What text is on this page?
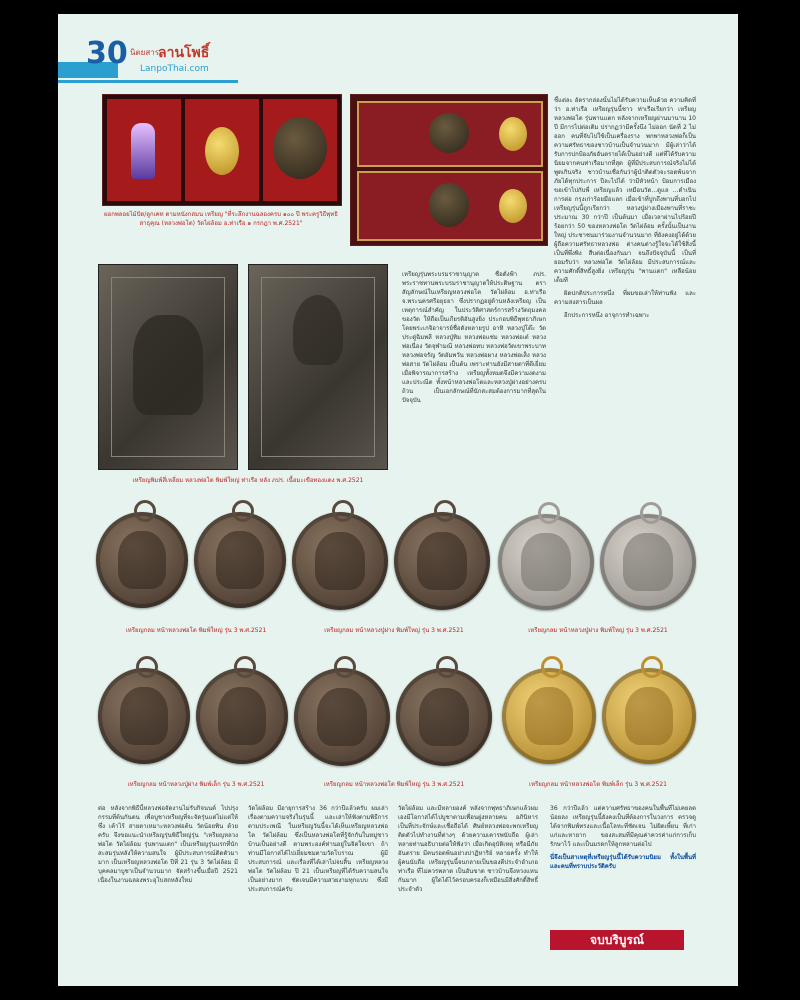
30 นิตยสาร
ลานโพธิ์
LanpoThai.com
ผอกพลอยไม้ปัด/ลูกเคท ตามหนังกสมน เหรียญ "ที่ระลึกงานฉลองครบ ๑๐๐ ปี พระครูวิธีพุทธิสาธุคุณ (หลวงพ่อโต) วัดไผ่ล้อม อ.ท่าเรือ ๑ กรกฎา พ.ศ.2521"

ชี้แต่ละ อัตรากล่องนั้นไม่ได้รับความเห็นด้วย ความคิดที่ว่า อ.ท่าเรือ เหรียญรุ่นนี้ชาว ท่าเรือเรียกว่า เหรียญหลวงพ่อโต รุ่นพานแตก หลังจากเหรียญผ่านมานาน 10 ปี มีการไปต่อเติม ปรากฏว่ามีครั้งนึง ไม่ออก นัดที่ 2 ไม่ออก คนที่จับไปใช้เป็นเครื่องราง พกพาหลวงพ่อก็เป็นความศรัทธาของชาวบ้านเป็นจำนวนมาก มีผู้เล่าว่าได้รับการปกป้องภัยอันตรายได้เป็นอย่างดี แต่ที่ได้รับความนิยมจากคนท่าเรือมากที่สุด ผู้ที่มีประสบการณ์จริงไม่ได้พูดเกินจริง ชาวบ้านเชื่อกันว่าผู้นำติดตัวจะรอดพ้นจากภัยได้ทุกประการ ปีละไป่ได้ ว่ามีหัวหน้า ป้อมการเมืองขอเข้าไปกับพี่ เหรียญแล้ว เหมือนวัด...ดูแล ...ดำเนินการต่อ กรุงเก่าร้อยมือแลก เมื่อเข้าที่ปูกถึงพานที่บอกไป เหรียญรุ่นนี้ถูกเรียกว่า หลวงปู่ผ่างเมืองพานที่ราชะ ประมาณ 30 กว่าปี เป็นต้นมา เมื่อเวลาผ่านไปร้อยปี ร้อยกว่า 50 ของหลวงพ่อโต วัดไผ่ล้อม ครั้งนั้นเป็นงานใหญ่ ประชาชนมาร่วมงานจำนวนมาก ที่ยังคงอยู่ได้ด้วยผู้ถือความศรัทธาหลวงพ่อ ต่างคนต่างรู้ใจจะได้ใช้สิ่งนี้เป็นที่พึ่งพิง สืบต่อเนื่องกันมา จนถึงปัจจุบันนี้ เป็นที่ยอมรับว่า หลวงพ่อโต วัดไผ่ล้อม มีประสบการณ์และความศักดิ์สิทธิ์สูงยิ่ง เหรียญรุ่น "พานแตก" เหลือน้อยเต็มที

ผิดปกติประการหนึ่ง ที่ผมขอเล่าให้ท่านฟัง และความสงสารเป็นผล

อีกประการหนึ่ง อาจุการทำเฉพาะ

เหรียญพิมพ์สี่เหลี่ยม หลวงพ่อโต พิมพ์ใหญ่ ท่าเรือ หลัง ภปร. เนื้อมะเขือทองแดง พ.ศ.2521

เหรียญรุ่นพระบรมราชานุญาต ชื่อดั่งฟ้า ภปร. พระราชทานพระบรมราชานุญาตให้ประดิษฐาน ตราสัญลักษณ์ในเหรียญหลวงพ่อโต วัดไผ่ล้อม อ.ท่าเรือ จ.พระนครศรีอยุธยา ซึ่งปรากฏอยู่ด้านหลังเหรียญ เป็นเหตุการณ์สำคัญ ในประวัติศาสตร์การสร้างวัตถุมงคลของวัด ให้ถือเป็นเกียรติอันสูงยิ่ง ประกอบพิธีพุทธาภิเษกโดยพระเกจิอาจารย์ชื่อดังหลายรูป อาทิ หลวงปู่โต๊ะ วัดประดู่ฉิมพลี หลวงปู่ทิม หลวงพ่อแช่ม หลวงพ่อเต๋ หลวงพ่อเนื่อง วัดจุฬามณี หลวงพ่อทบ หลวงพ่อวัดเขาพระบาท หลวงพ่อจรัญ วัดอัมพวัน หลวงพ่อผาง หลวงพ่อเส็ง หลวงพ่อสาย วัดไผ่ล้อม เป็นต้น เพราะท่านยังมีสายตาที่ดีเยี่ยมเมื่อพิจารณาการสร้าง เหรียญทั้งหมดจึงมีความงดงามและประณีต ทั้งหน้าหลวงพ่อโตและหลวงปู่ผ่างอย่างครบถ้วน เป็นเอกลักษณ์ที่นักสะสมต้องการมากที่สุดในปัจจุบัน

เหรียญกลม หน้าหลวงพ่อโต พิมพ์ใหญ่ รุ่น 3 พ.ศ.2521	เหรียญกลม หน้าหลวงปู่ผ่าง พิมพ์ใหญ่ รุ่น 3 พ.ศ.2521	เหรียญกลม หน้าหลวงปู่ผ่าง พิมพ์ใหญ่ รุ่น 3 พ.ศ.2521
เหรียญกลม หน้าหลวงปู่ผ่าง พิมพ์เล็ก รุ่น 3 พ.ศ.2521	เหรียญกลม หน้าหลวงพ่อโต พิมพ์ใหญ่ รุ่น 3 พ.ศ.2521	เหรียญกลม หน้าหลวงพ่อโต พิมพ์เล็ก รุ่น 3 พ.ศ.2521

ต่อ หลังจากพิธีนี้หลวงพ่อจัดงานไม่รับกิจนนต์ ไปปรุงกรรมที่ต้นกันตน เพื่อบูชาเหรียญที่จะจัดรุ่นแต่ไม่แต่ให้ ซึ่ง เค้าไร้ สายตาเหมาะหลวงพ่อต้น วัดน้อยพิน ด้วยครับ จึงขอแนะนำเหรียญรุ่นพิธีใหญ่รุ่น "เหรียญหลวงพ่อโต วัดไผ่ล้อม รุ่นพานแตก" เป็นเหรียญรุ่นแรกที่นักสะสมรุ่นหลังให้ความสนใจ ผู้มีประสบการณ์ติดตัวมามาก เป็นเหรียญหลวงพ่อโต ปีที่ 21 รุ่น 3 วัดไผ่ล้อม มีบุคคลมาบูชาเป็นจำนวนมาก จัดสร้างขึ้นเมื่อปี 2521 เนื่องในงานฉลองพระอุโบสถหลังใหม่

วัดไผ่ล้อม มีอายุการสร้าง 36 กว่าปีแล้วครับ ผมเล่าเรื่องตามความจริงในรุ่นนี้ และเล่าให้ฟังตามพิธีการตามประเพณี ในเหรียญวันนี้จะได้เห็นเหรียญหลวงพ่อโต วัดไผ่ล้อม ซึ่งเป็นหลวงพ่อโตที่รู้จักกันในหมู่ชาวบ้านเป็นอย่างดี ตามพระองค์ท่านอยู่ในจิตใจเขา ถ้าท่านมีโอกาสได้ไปเยี่ยมชมตามวัดโบราณ ผู้มีประสบการณ์ และเรื่องที่ได้เล่าไม่จบสิ้น เหรียญหลวงพ่อโต วัดไผ่ล้อม ปี 21 เป็นเหรียญที่ได้รับความสนใจเป็นอย่างมาก ชัดเจนมีความสวยงามทุกแบบ ซึ่งมีประสบการณ์ครับ

วัดไผ่ล้อม และมีหลายองค์ หลังจากพุทธาภิเษกแล้วผมเองมีโอกาสได้ไปบูชาตามเพื่อนฝูงหลายคน อภินิหาร เป็นที่ประจักษ์และเชื่อถือได้ ศิษย์หลวงพ่อจะพกเหรียญติดตัวไปทำงานที่ต่างๆ ด้วยความเคารพนับถือ ผู้เล่าหลายท่านอธิบายต่อให้ฟังว่า เมื่อเกิดอุบัติเหตุ หรือมีภัยอันตราย มีคนรอดพ้นอย่างปาฏิหาริย์ หลายครั้ง ทำให้ผู้คนนับถือ เหรียญรุ่นนี้จนกลายเป็นของดีประจำอำเภอท่าเรือ ที่ไม่ควรพลาด เป็นอันขาด ชาวบ้านจึงหวงแหนกันมาก ผู้ใดได้ไว้ครอบครองก็เหมือนมีสิ่งศักดิ์สิทธิ์ประจำตัว

36 กว่าปีแล้ว แต่ความศรัทธาของคนในพื้นที่ไม่เคยลดน้อยลง เหรียญรุ่นนี้ยังคงเป็นที่ต้องการในวงการ ตรวจดูได้จากพิมพ์ทรงและเนื้อโลหะที่ชัดเจน ไม่ผิดเพี้ยน ที่เก่าแก่และหายาก ของสะสมที่มีคุณค่าควรค่าแก่การเก็บรักษาไว้ และเป็นมรดกให้ลูกหลานต่อไป

นี่จึงเป็นสาเหตุที่เหรียญรุ่นนี้ได้รับความนิยม ทั้งในพื้นที่ และคนที่ทราบประวัติครับ

จบบริบูรณ์
